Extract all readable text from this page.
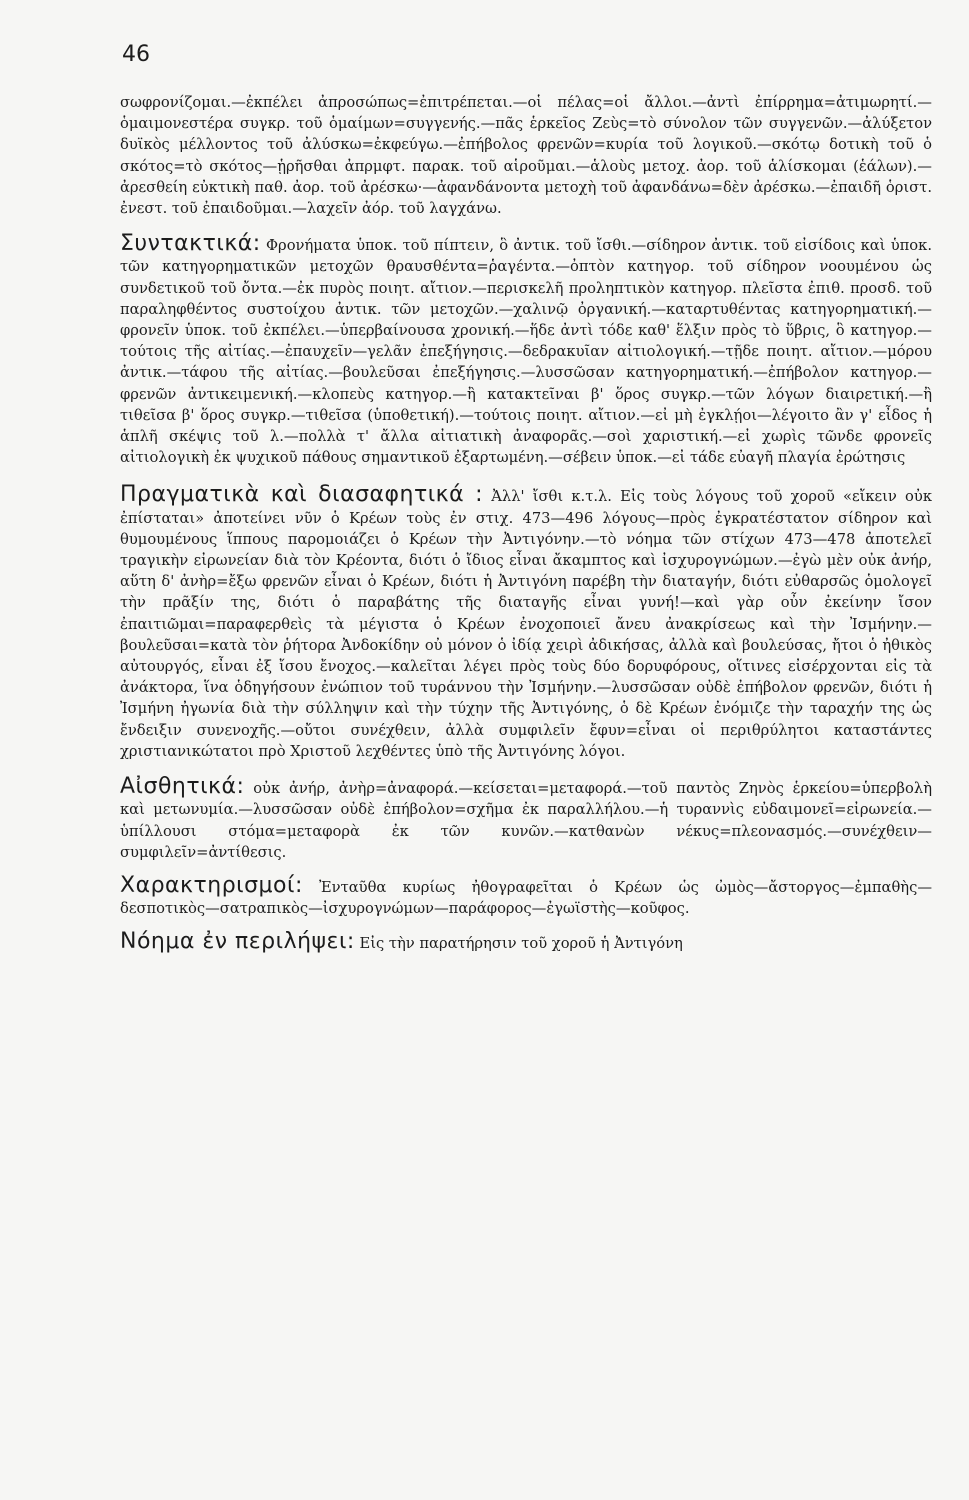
46

σωφρονίζομαι.—ἐκπέλει ἀπροσώπως=ἐπιτρέπεται.—οἱ πέλας=οἱ ἄλλοι.—ἀντὶ ἐπίρρημα=ἀτιμωρητί.—ὁμαιμονεστέρα συγκρ. τοῦ ὁμαίμων=συγγενής.—πᾶς ἑρκεῖος Ζεὺς=τὸ σύνολον τῶν συγγενῶν.—ἀλύξετον δυϊκὸς μέλλοντος τοῦ ἀλύσκω=ἐκφεύγω.—ἐπήβολος φρενῶν=κυρία τοῦ λογικοῦ.—σκότῳ δοτικὴ τοῦ ὁ σκότος=τὸ σκότος—ᾑρῆσθαι ἀπρμφτ. παρακ. τοῦ αἱροῦμαι.—ἁλοὺς μετοχ. ἀορ. τοῦ ἁλίσκομαι (ἑάλων).—ἀρεσθείη εὐκτικὴ παθ. ἀορ. τοῦ ἀρέσκω·—ἀφανδάνοντα μετοχὴ τοῦ ἀφανδάνω=δὲν ἀρέσκω.—ἐπαιδῆ ὁριστ. ἐνεστ. τοῦ ἐπαιδοῦμαι.—λαχεῖν ἀόρ. τοῦ λαγχάνω.

Συντακτικά: Φρονήματα ὑποκ. τοῦ πίπτειν, ὃ ἀντικ. τοῦ ἴσθι.—σίδηρον ἀντικ. τοῦ εἰσίδοις καὶ ὑποκ. τῶν κατηγορηματικῶν μετοχῶν θραυσθέντα=ῥαγέντα.—ὀπτὸν κατηγορ. τοῦ σίδηρον νοουμένου ὡς συνδετικοῦ τοῦ ὄντα.—ἐκ πυρὸς ποιητ. αἴτιον.—περισκελῆ προληπτικὸν κατηγορ. πλεῖστα ἐπιθ. προσδ. τοῦ παραληφθέντος συστοίχου ἀντικ. τῶν μετοχῶν.—χαλινῷ ὀργανική.—καταρτυθέντας κατηγορηματική.—φρονεῖν ὑποκ. τοῦ ἐκπέλει.—ὑπερβαίνουσα χρονική.—ἥδε ἀντὶ τόδε καθ' ἕλξιν πρὸς τὸ ὕβρις, ὃ κατηγορ.—τούτοις τῆς αἰτίας.—ἐπαυχεῖν—γελᾶν ἐπεξήγησις.—δεδρακυῖαν αἰτιολογική.—τῇδε ποιητ. αἴτιον.—μόρου ἀντικ.—τάφου τῆς αἰτίας.—βουλεῦσαι ἐπεξήγησις.—λυσσῶσαν κατηγορηματική.—ἐπήβολον κατηγορ.—φρενῶν ἀντικειμενική.—κλοπεὺς κατηγορ.—ἢ κατακτεῖναι β' ὅρος συγκρ.—τῶν λόγων διαιρετική.—ἢ τιθεῖσα β' ὅρος συγκρ.—τιθεῖσα (ὑποθετική).—τούτοις ποιητ. αἴτιον.—εἰ μὴ ἐγκλῄοι—λέγοιτο ἂν γ' εἶδος ἡ ἁπλῆ σκέψις τοῦ λ.—πολλὰ τ' ἄλλα αἰτιατικὴ ἀναφορᾶς.—σοὶ χαριστική.—εἰ χωρὶς τῶνδε φρονεῖς αἰτιολογικὴ ἐκ ψυχικοῦ πάθους σημαντικοῦ ἐξαρτωμένη.—σέβειν ὑποκ.—εἰ τάδε εὐαγῆ πλαγία ἐρώτησις

Πραγματικὰ καὶ διασαφητικά : Ἀλλ' ἴσθι κ.τ.λ. Εἰς τοὺς λόγους τοῦ χοροῦ «εἴκειν οὐκ ἐπίσταται» ἀποτείνει νῦν ὁ Κρέων τοὺς ἐν στιχ. 473—496 λόγους—πρὸς ἐγκρατέστατον σίδηρον καὶ θυμουμένους ἵππους παρομοιάζει ὁ Κρέων τὴν Ἀντιγόνην.—τὸ νόημα τῶν στίχων 473—478 ἀποτελεῖ τραγικὴν εἰρωνείαν διὰ τὸν Κρέοντα, διότι ὁ ἴδιος εἶναι ἄκαμπτος καὶ ἰσχυρογνώμων.—ἐγὼ μὲν οὐκ ἀνήρ, αὕτη δ' ἀνὴρ=ἔξω φρενῶν εἶναι ὁ Κρέων, διότι ἡ Ἀντιγόνη παρέβη τὴν διαταγήν, διότι εὐθαρσῶς ὁμολογεῖ τὴν πρᾶξίν της, διότι ὁ παραβάτης τῆς διαταγῆς εἶναι γυνή!—καὶ γὰρ οὖν ἐκείνην ἴσον ἐπαιτιῶμαι=παραφερθεὶς τὰ μέγιστα ὁ Κρέων ἐνοχοποιεῖ ἄνευ ἀνακρίσεως καὶ τὴν Ἰσμήνην.—βουλεῦσαι=κατὰ τὸν ῥήτορα Ἀνδοκίδην οὐ μόνον ὁ ἰδίᾳ χειρὶ ἀδικήσας, ἀλλὰ καὶ βουλεύσας, ἤτοι ὁ ἠθικὸς αὐτουργός, εἶναι ἐξ ἴσου ἔνοχος.—καλεῖται λέγει πρὸς τοὺς δύο δορυφόρους, οἵτινες εἰσέρχονται εἰς τὰ ἀνάκτορα, ἵνα ὁδηγήσουν ἐνώπιον τοῦ τυράννου τὴν Ἰσμήνην.—λυσσῶσαν οὐδὲ ἐπήβολον φρενῶν, διότι ἡ Ἰσμήνη ἠγωνία διὰ τὴν σύλληψιν καὶ τὴν τύχην τῆς Ἀντιγόνης, ὁ δὲ Κρέων ἐνόμιζε τὴν ταραχήν της ὡς ἔνδειξιν συνενοχῆς.—οὔτοι συνέχθειν, ἀλλὰ συμφιλεῖν ἔφυν=εἶναι οἱ περιθρύλητοι καταστάντες χριστιανικώτατοι πρὸ Χριστοῦ λεχθέντες ὑπὸ τῆς Ἀντιγόνης λόγοι.

Αἰσθητικά: οὐκ ἀνήρ, ἀνὴρ=ἀναφορά.—κείσεται=μεταφορά.—τοῦ παντὸς Ζηνὸς ἑρκείου=ὑπερβολὴ καὶ μετωνυμία.—λυσσῶσαν οὐδὲ ἐπήβολον=σχῆμα ἐκ παραλλήλου.—ἡ τυραννὶς εὐδαιμονεῖ=εἰρωνεία.—ὑπίλλουσι στόμα=μεταφορὰ ἐκ τῶν κυνῶν.—κατθανὼν νέκυς=πλεονασμός.—συνέχθειν—συμφιλεῖν=ἀντίθεσις.

Χαρακτηρισμοί: Ἐνταῦθα κυρίως ἠθογραφεῖται ὁ Κρέων ὡς ὠμὸς—ἄστοργος—ἐμπαθὴς—δεσποτικὸς—σατραπικὸς—ἰσχυρογνώμων—παράφορος—ἐγωϊστὴς—κοῦφος.

Νόημα ἐν περιλήψει: Εἰς τὴν παρατήρησιν τοῦ χοροῦ ἡ Ἀντιγόνη
